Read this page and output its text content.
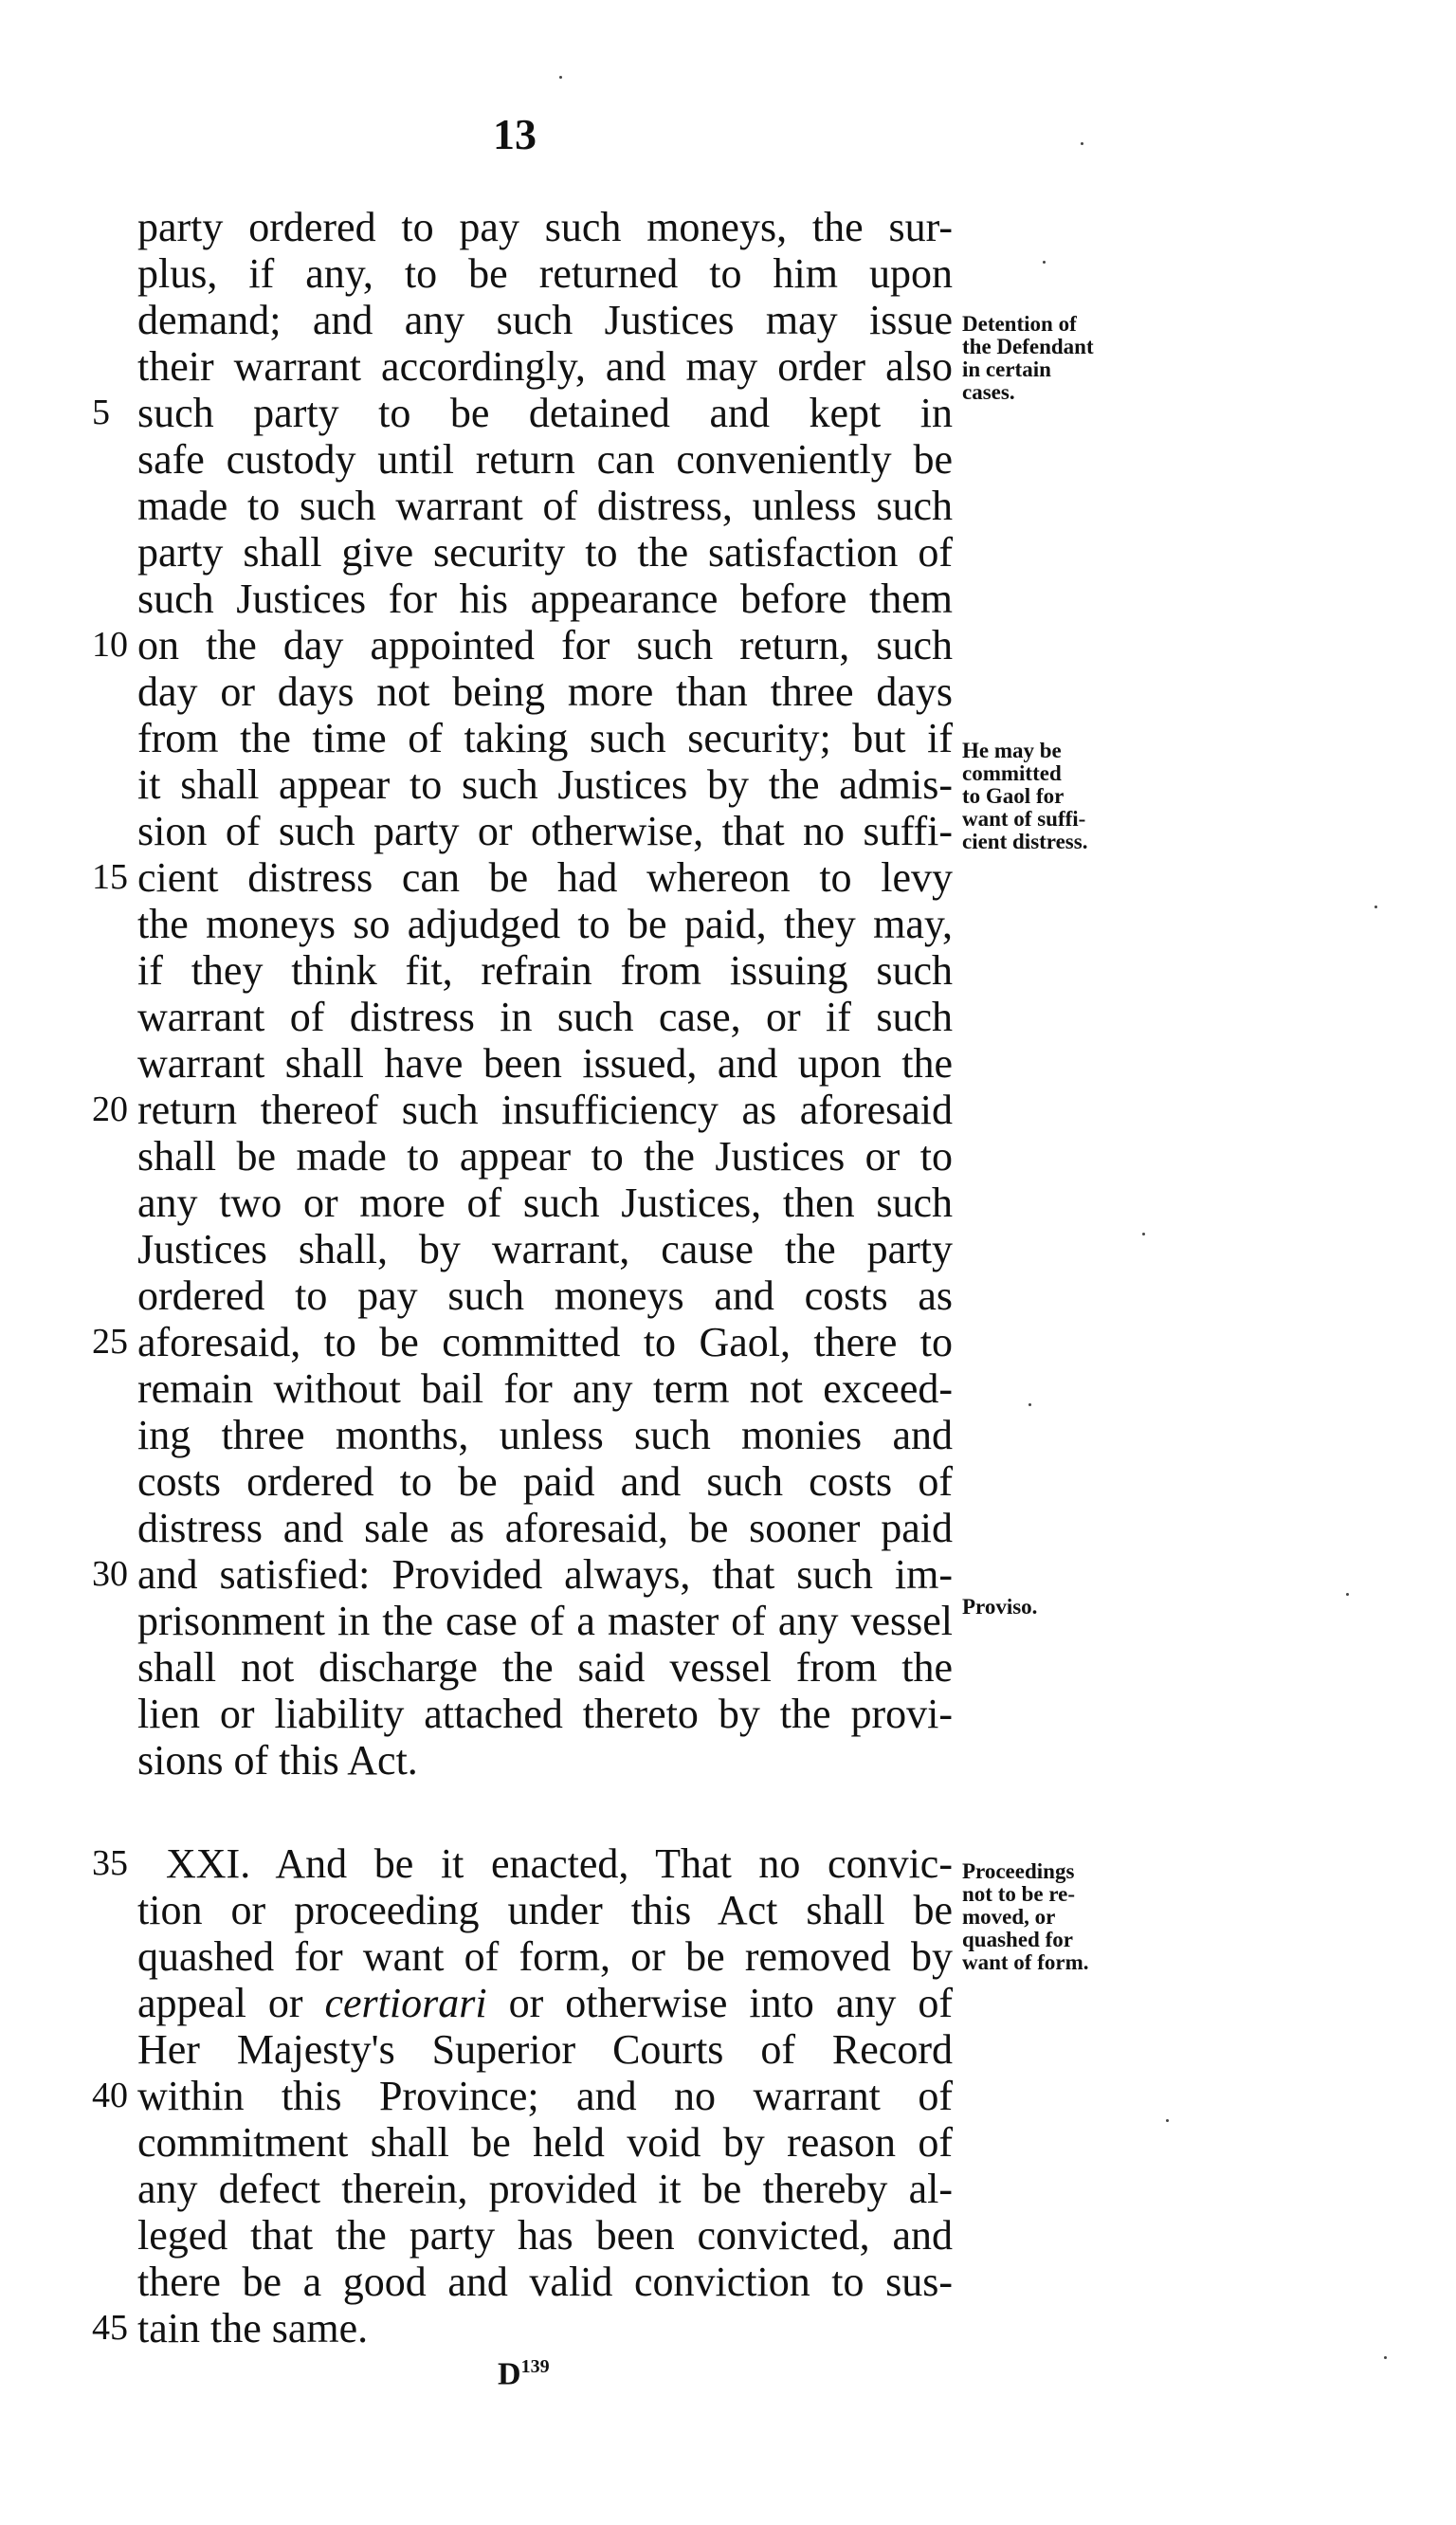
13
party ordered to pay such moneys, the sur-
plus, if any, to be returned to him upon
demand; and any such Justices may issue
their warrant accordingly, and may order also
5 such party to be detained and kept in
safe custody until return can conveniently be
made to such warrant of distress, unless such
party shall give security to the satisfaction of
such Justices for his appearance before them
10 on the day appointed for such return, such
day or days not being more than three days
from the time of taking such security; but if
it shall appear to such Justices by the admis-
sion of such party or otherwise, that no suffi-
15 cient distress can be had whereon to levy
the moneys so adjudged to be paid, they may,
if they think fit, refrain from issuing such
warrant of distress in such case, or if such
warrant shall have been issued, and upon the
20 return thereof such insufficiency as aforesaid
shall be made to appear to the Justices or to
any two or more of such Justices, then such
Justices shall, by warrant, cause the party
ordered to pay such moneys and costs as
25 aforesaid, to be committed to Gaol, there to
remain without bail for any term not exceed-
ing three months, unless such monies and
costs ordered to be paid and such costs of
distress and sale as aforesaid, be sooner paid
30 and satisfied: Provided always, that such im-
prisonment in the case of a master of any vessel
shall not discharge the said vessel from the
lien or liability attached thereto by the provi-
sions of this Act.
35 XXI. And be it enacted, That no convic-
tion or proceeding under this Act shall be
quashed for want of form, or be removed by
appeal or certiorari or otherwise into any of
Her Majesty's Superior Courts of Record
40 within this Province; and no warrant of
commitment shall be held void by reason of
any defect therein, provided it be thereby al-
leged that the party has been convicted, and
there be a good and valid conviction to sus-
45 tain the same.
Detention of
the Defendant
in certain
cases.
He may be
committed
to Gaol for
want of suffi-
cient distress.
Proviso.
Proceedings
not to be re-
moved, or
quashed for
want of form.
$D^{139}$
